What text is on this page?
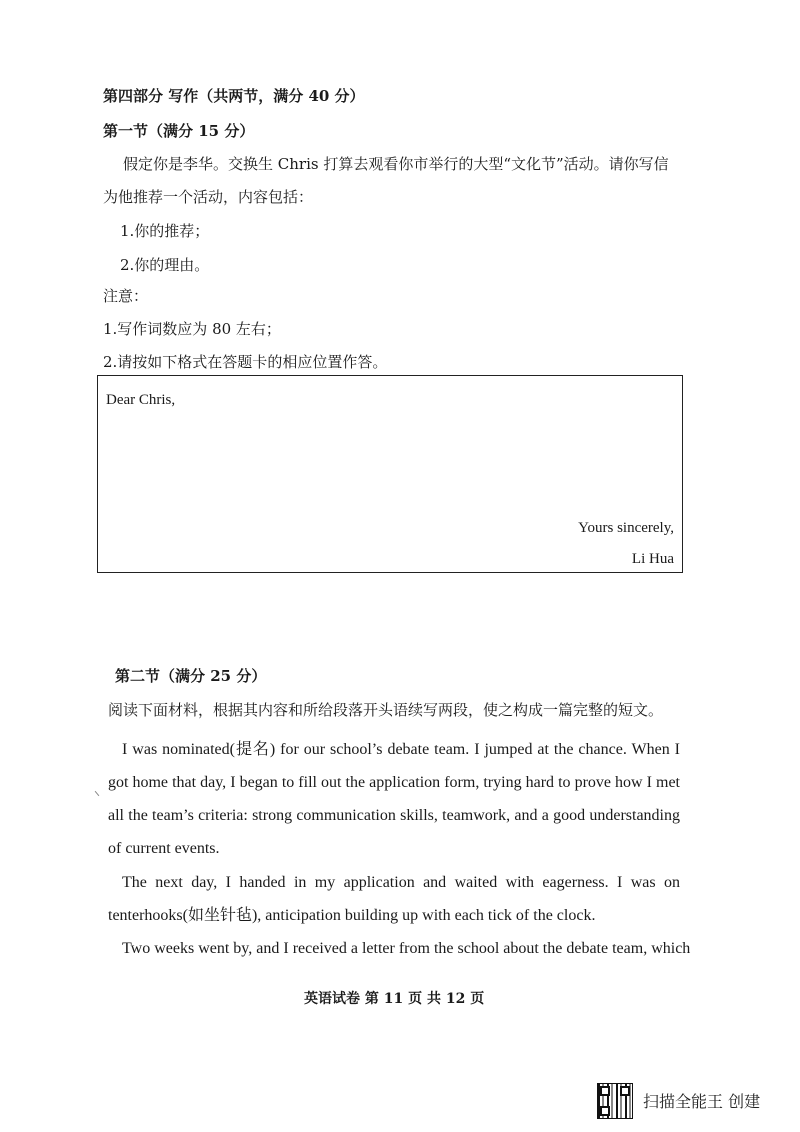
第四部分 写作（共两节，满分 40 分）
第一节（满分 15 分）
假定你是李华。交换生 Chris 打算去观看你市举行的大型“文化节”活动。请你写信
为他推荐一个活动，内容包括：
1.你的推荐；
2.你的理由。
注意：
1.写作词数应为 80 左右；
2.请按如下格式在答题卡的相应位置作答。
Dear Chris,
Yours sincerely,
Li Hua
第二节（满分 25 分）
阅读下面材料，根据其内容和所给段落开头语续写两段，使之构成一篇完整的短文。
I was nominated(提名) for our school’s debate team. I jumped at the chance. When I got home that day, I began to fill out the application form, trying hard to prove how I met all the team’s criteria: strong communication skills, teamwork, and a good understanding of current events.
The next day, I handed in my application and waited with eagerness. I was on tenterhooks(如坐针毡), anticipation building up with each tick of the clock.
Two weeks went by, and I received a letter from the school about the debate team, which
英语试卷 第 11 页 共 12 页
扫描全能王 创建
